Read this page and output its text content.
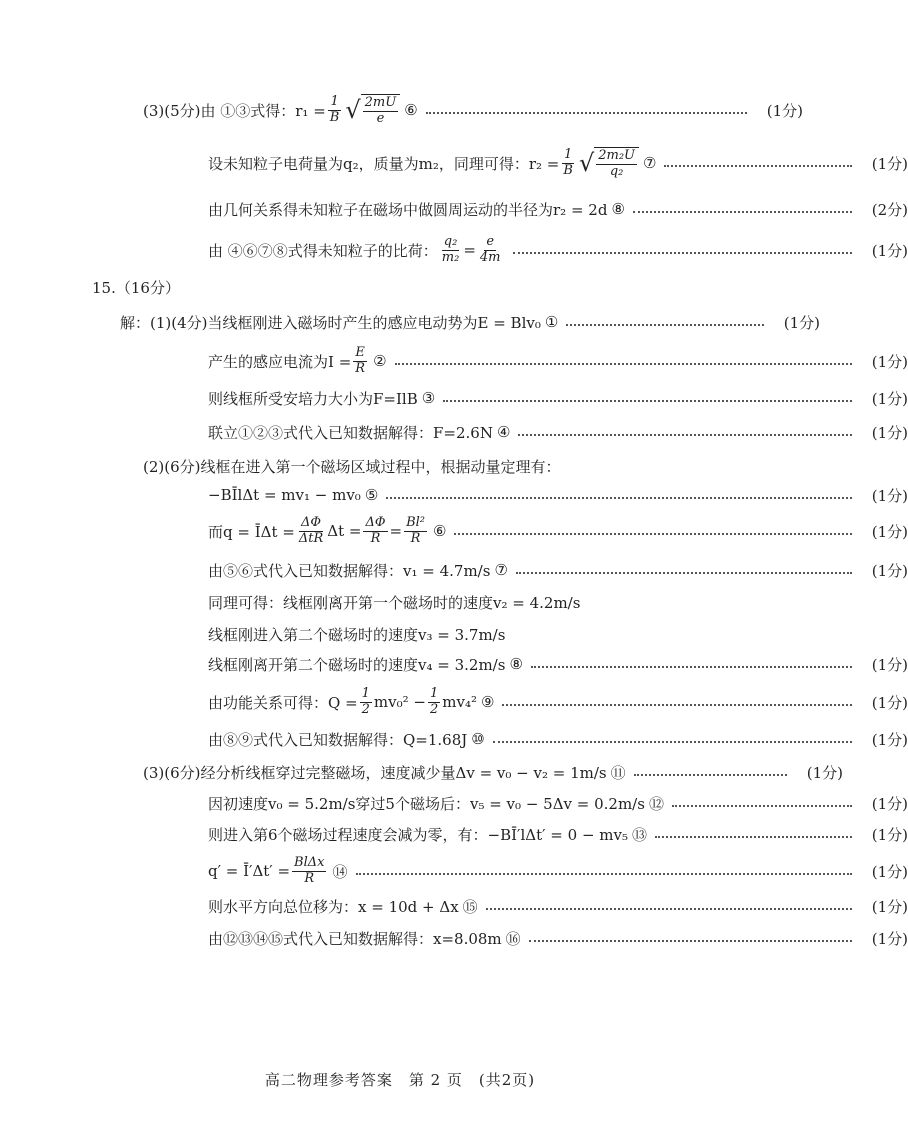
(3)(5分)由 ①③式得：$r_1 = \frac{1}{B}$ √ $\frac{2mU}{e}$ ⑥	(1分)
设未知粒子电荷量为q₂，质量为m₂，同理可得：$r_2 = \frac{1}{B}$ √ $\frac{\text{2m₂U}}{\text{q₂}}$ ⑦	(1分)
由几何关系得未知粒子在磁场中做圆周运动的半径为r₂ = 2d ⑧	(2分)
由 ④⑥⑦⑧式得未知粒子的比荷： $\frac{\text{q₂}}{\text{m₂}} = \frac{e}{4m}$	(1分)
15.（16分）
解：(1)(4分)当线框刚进入磁场时产生的感应电动势为E = Blv₀ ①	(1分)
产生的感应电流为$I = \frac{E}{R}$ ②	(1分)
则线框所受安培力大小为F=IlB ③	(1分)
联立①②③式代入已知数据解得：F=2.6N ④	(1分)
(2)(6分)线框在进入第一个磁场区域过程中，根据动量定理有：
−BĪlΔt = mv₁ − mv₀ ⑤	(1分)
而q = ĪΔt = $\frac{\Delta\Phi}{\text{ΔtR}}$ $\Delta t = \frac{\Delta\Phi}{R} = \frac{\text{Bl²}}{R}$ ⑥	(1分)
由⑤⑥式代入已知数据解得：v₁ = 4.7m/s ⑦	(1分)
同理可得：线框刚离开第一个磁场时的速度v₂ = 4.2m/s
线框刚进入第二个磁场时的速度v₃ = 3.7m/s
线框刚离开第二个磁场时的速度v₄ = 3.2m/s ⑧	(1分)
由功能关系可得：$Q = \frac{1}{2} mv_0^2 - \frac{1}{2} mv_4^2$ ⑨	(1分)
由⑧⑨式代入已知数据解得：Q=1.68J ⑩	(1分)
(3)(6分)经分析线框穿过完整磁场，速度减少量Δv = v₀ − v₂ = 1m/s ⑪	(1分)
因初速度v₀ = 5.2m/s穿过5个磁场后：v₅ = v₀ − 5Δv = 0.2m/s ⑫	(1分)
则进入第6个磁场过程速度会减为零，有：−BĪ′lΔt′ = 0 − mv₅ ⑬	(1分)
q′ = Ī′Δt′ = $\frac{\text{BlΔx}}{R}$ ⑭	(1分)
则水平方向总位移为：x = 10d + Δx ⑮	(1分)
由⑫⑬⑭⑮式代入已知数据解得：x=8.08m ⑯	(1分)
高二物理参考答案　第 2 页　(共2页)
